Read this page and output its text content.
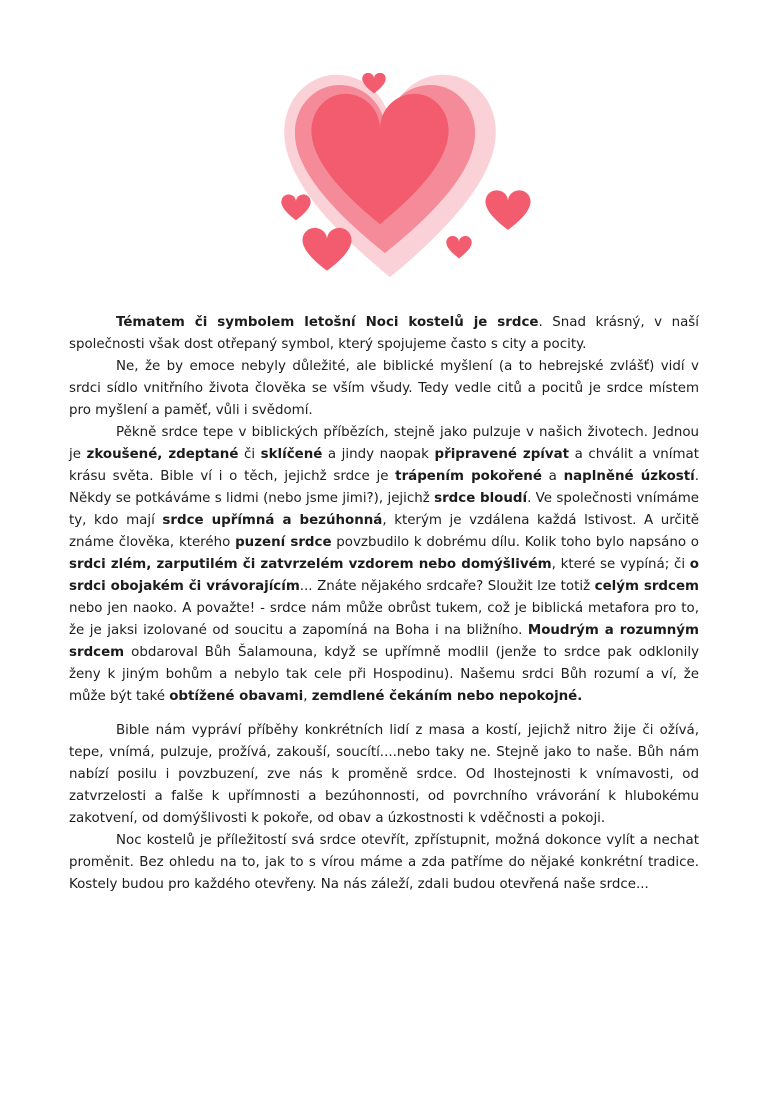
Tématem či symbolem letošní Noci kostelů je srdce. Snad krásný, v naší společnosti však dost otřepaný symbol, který spojujeme často s city a pocity.

Ne, že by emoce nebyly důležité, ale biblické myšlení (a to hebrejské zvlášť) vidí v srdci sídlo vnitřního života člověka se vším všudy. Tedy vedle citů a pocitů je srdce místem pro myšlení a paměť, vůli i svědomí.

Pěkně srdce tepe v biblických příbězích, stejně jako pulzuje v našich životech. Jednou je zkoušené, zdeptané či sklíčené a jindy naopak připravené zpívat a chválit a vnímat krásu světa. Bible ví i o těch, jejichž srdce je trápením pokořené a naplněné úzkostí. Někdy se potkáváme s lidmi (nebo jsme jimi?), jejichž srdce bloudí. Ve společnosti vnímáme ty, kdo mají srdce upřímná a bezúhonná, kterým je vzdálena každá lstivost. A určitě známe člověka, kterého puzení srdce povzbudilo k dobrému dílu. Kolik toho bylo napsáno o srdci zlém, zarputilém či zatvrzelém vzdorem nebo domýšlivém, které se vypíná; či o srdci obojakém či vrávorajícím... Znáte nějakého srdcaře? Sloužit lze totiž celým srdcem nebo jen naoko. A považte! - srdce nám může obrůst tukem, což je biblická metafora pro to, že je jaksi izolované od soucitu a zapomíná na Boha i na bližního. Moudrým a rozumným srdcem obdaroval Bůh Šalamouna, když se upřímně modlil (jenže to srdce pak odklonily ženy k jiným bohům a nebylo tak cele při Hospodinu). Našemu srdci Bůh rozumí a ví, že může být také obtížené obavami, zemdlené čekáním nebo nepokojné.

Bible nám vypráví příběhy konkrétních lidí z masa a kostí, jejichž nitro žije či ožívá, tepe, vnímá, pulzuje, prožívá, zakouší, soucítí....nebo taky ne. Stejně jako to naše. Bůh nám nabízí posilu i povzbuzení, zve nás k proměně srdce. Od lhostejnosti k vnímavosti, od zatvrzelosti a falše k upřímnosti a bezúhonnosti, od povrchního vrávorání k hlubokému zakotvení, od domýšlivosti k pokoře, od obav a úzkostnosti k vděčnosti a pokoji.

Noc kostelů je příležitostí svá srdce otevřít, zpřístupnit, možná dokonce vylít a nechat proměnit. Bez ohledu na to, jak to s vírou máme a zda patříme do nějaké konkrétní tradice. Kostely budou pro každého otevřeny. Na nás záleží, zdali budou otevřená naše srdce...
